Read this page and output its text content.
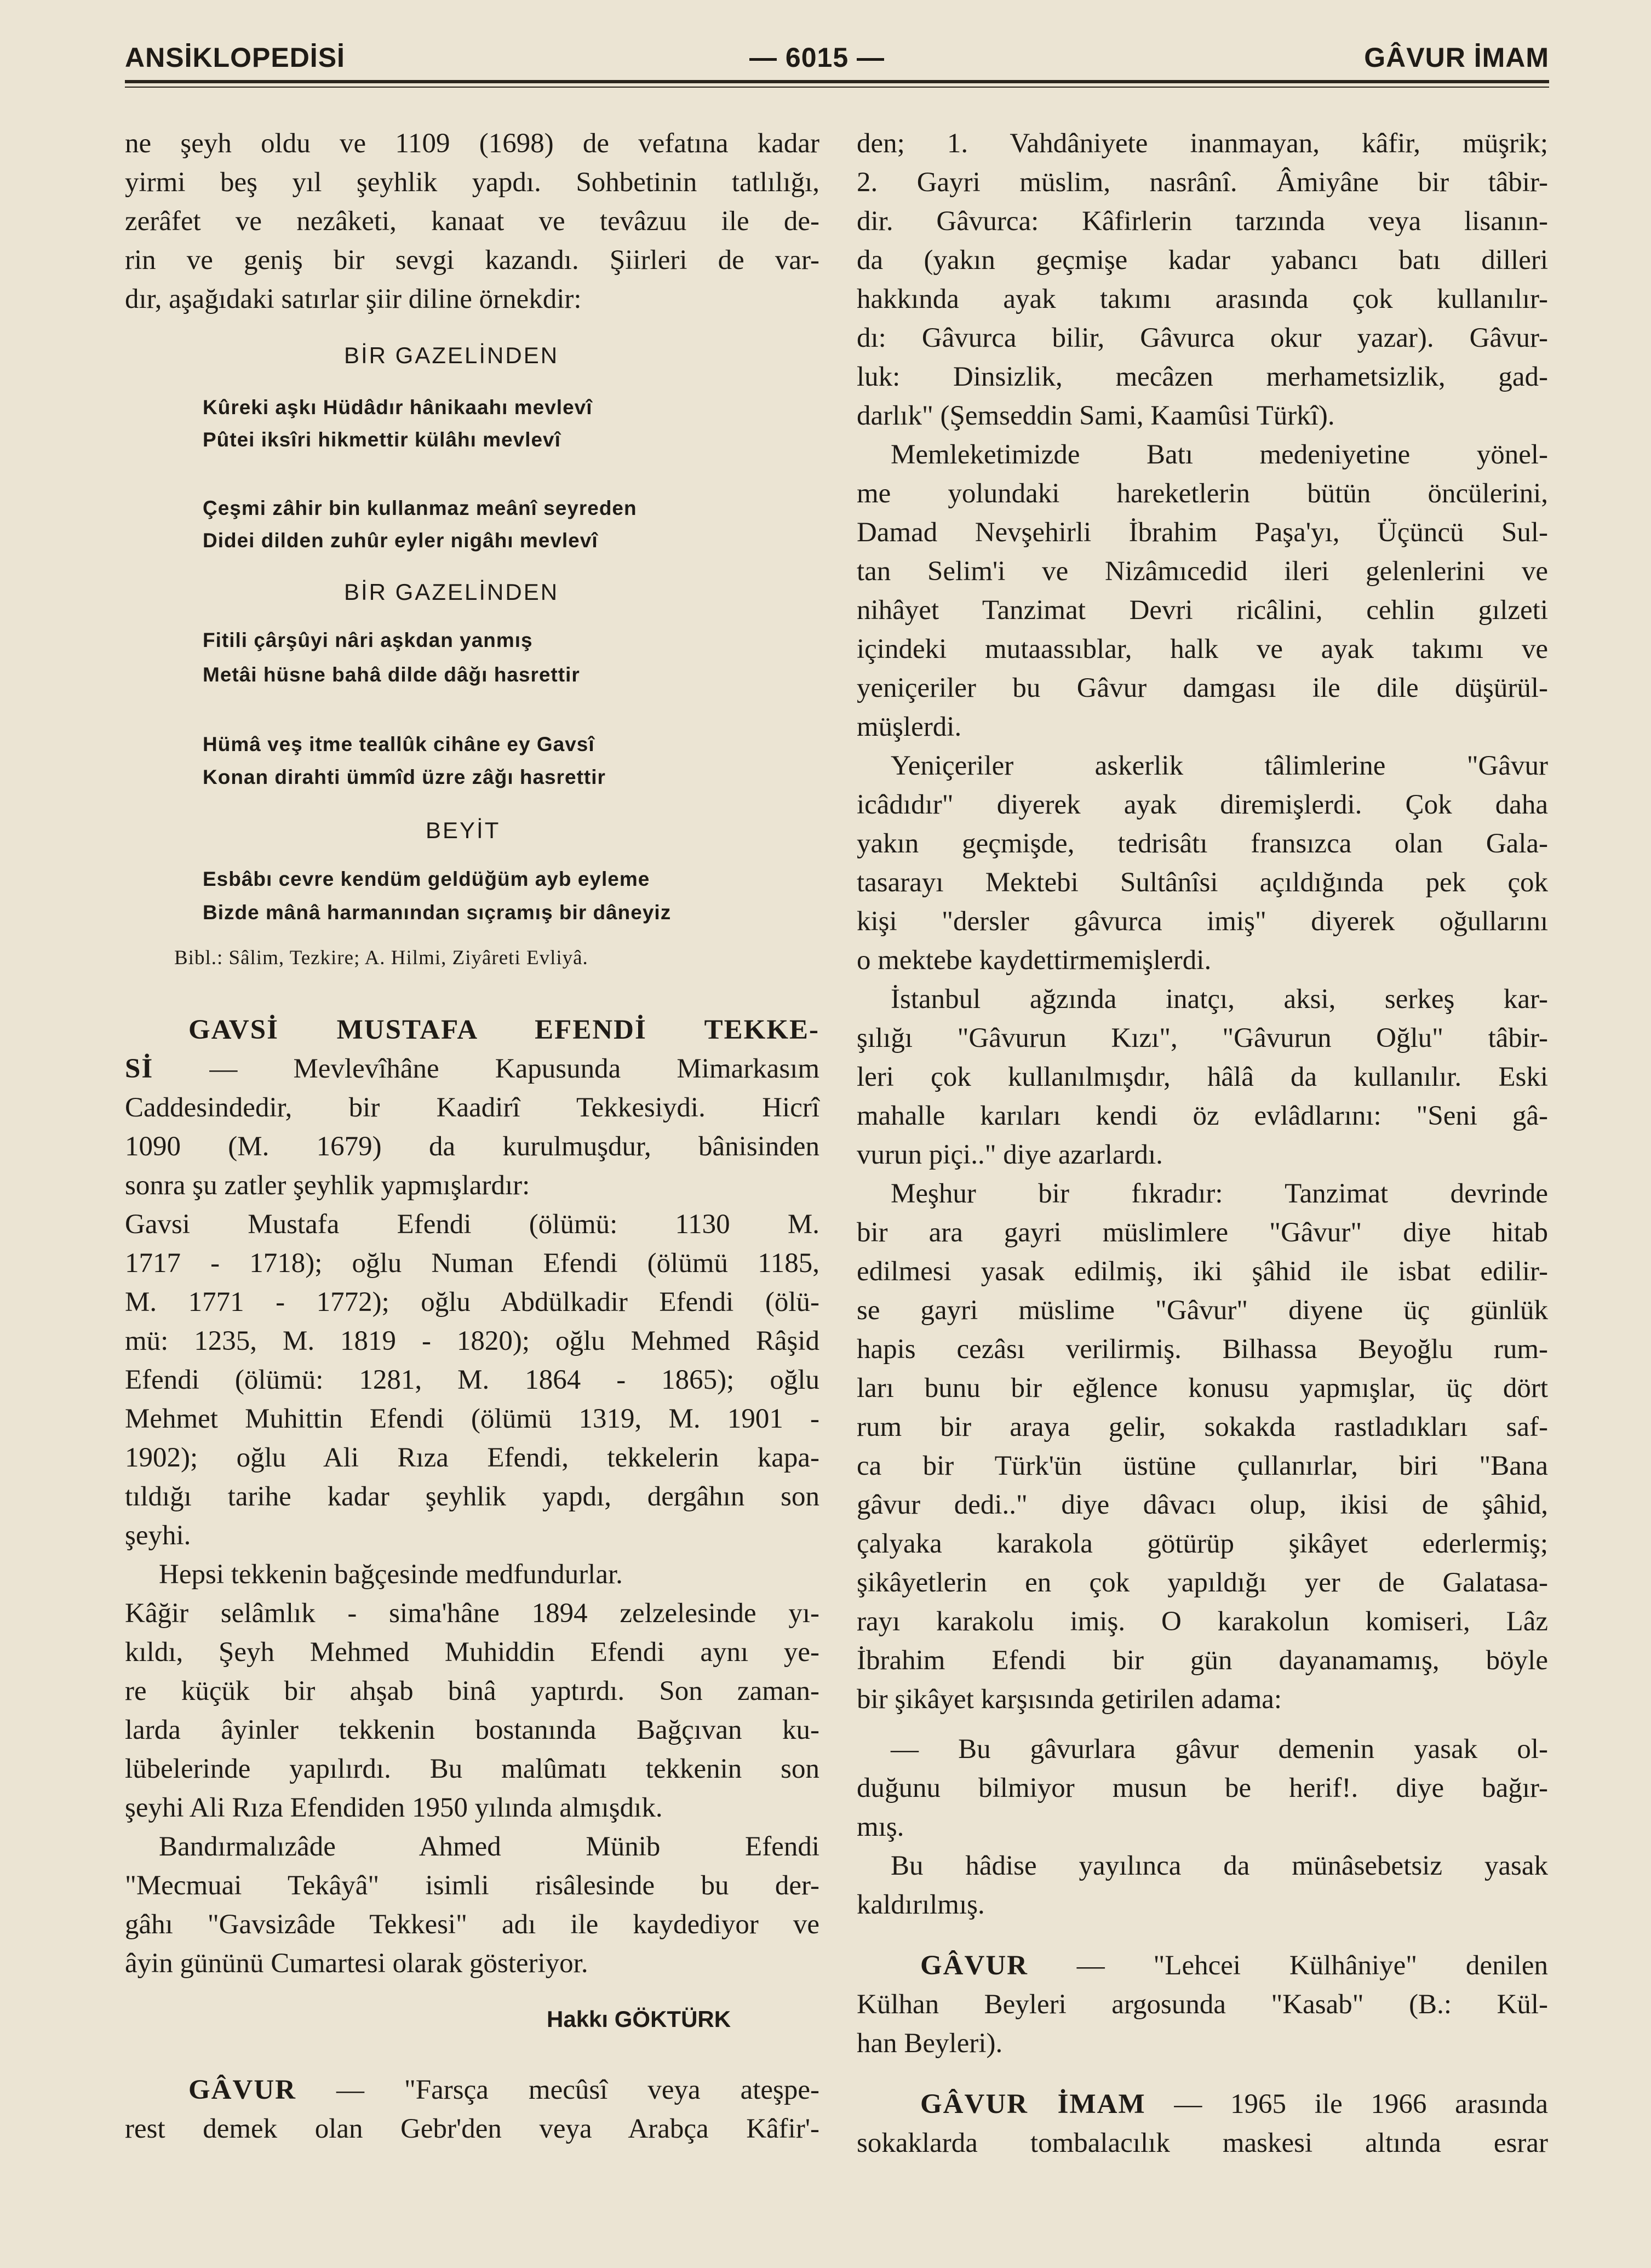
ANSİKLOPEDİSİ	— 6015 —	GÂVUR İMAM
ne şeyh oldu ve 1109 (1698) de vefatına kadar
yirmi beş yıl şeyhlik yapdı. Sohbetinin tatlılığı,
zerâfet ve nezâketi, kanaat ve tevâzuu ile de-
rin ve geniş bir sevgi kazandı. Şiirleri de var-
dır, aşağıdaki satırlar şiir diline örnekdir:
BİR GAZELİNDEN
Kûreki aşkı Hüdâdır hânikaahı mevlevî
Pûtei iksîri hikmettir külâhı mevlevî
Çeşmi zâhir bin kullanmaz meânî seyreden
Didei dilden zuhûr eyler nigâhı mevlevî
BİR GAZELİNDEN
Fitili çârşûyi nâri aşkdan yanmış
Metâi hüsne bahâ dilde dâğı hasrettir
Hümâ veş itme teallûk cihâne ey Gavsî
Konan dirahti ümmîd üzre zâğı hasrettir
BEYİT
Esbâbı cevre kendüm geldüğüm ayb eyleme
Bizde mânâ harmanından sıçramış bir dâneyiz
Bibl.: Sâlim, Tezkire; A. Hilmi, Ziyâreti Evliyâ.
GAVSİ MUSTAFA EFENDİ TEKKE-
Sİ — Mevlevîhâne Kapusunda Mimarkasım
Caddesindedir, bir Kaadirî Tekkesiydi. Hicrî
1090 (M. 1679) da kurulmuşdur, bânisinden
sonra şu zatler şeyhlik yapmışlardır:
Gavsi Mustafa Efendi (ölümü: 1130 M.
1717 - 1718); oğlu Numan Efendi (ölümü 1185,
M. 1771 - 1772); oğlu Abdülkadir Efendi (ölü-
mü: 1235, M. 1819 - 1820); oğlu Mehmed Râşid
Efendi (ölümü: 1281, M. 1864 - 1865); oğlu
Mehmet Muhittin Efendi (ölümü 1319, M. 1901 -
1902); oğlu Ali Rıza Efendi, tekkelerin kapa-
tıldığı tarihe kadar şeyhlik yapdı, dergâhın son
şeyhi.
Hepsi tekkenin bağçesinde medfundurlar.
Kâğir selâmlık - sima'hâne 1894 zelzelesinde yı-
kıldı, Şeyh Mehmed Muhiddin Efendi aynı ye-
re küçük bir ahşab binâ yaptırdı. Son zaman-
larda âyinler tekkenin bostanında Bağçıvan ku-
lübelerinde yapılırdı. Bu malûmatı tekkenin son
şeyhi Ali Rıza Efendiden 1950 yılında almışdık.
Bandırmalızâde Ahmed Münib Efendi
"Mecmuai Tekâyâ" isimli risâlesinde bu der-
gâhı "Gavsizâde Tekkesi" adı ile kaydediyor ve
âyin gününü Cumartesi olarak gösteriyor.
Hakkı GÖKTÜRK
GÂVUR — "Farsça mecûsî veya ateşpe-
rest demek olan Gebr'den veya Arabça Kâfir'-
den; 1. Vahdâniyete inanmayan, kâfir, müşrik;
2. Gayri müslim, nasrânî. Âmiyâne bir tâbir-
dir. Gâvurca: Kâfirlerin tarzında veya lisanın-
da (yakın geçmişe kadar yabancı batı dilleri
hakkında ayak takımı arasında çok kullanılır-
dı: Gâvurca bilir, Gâvurca okur yazar). Gâvur-
luk: Dinsizlik, mecâzen merhametsizlik, gad-
darlık" (Şemseddin Sami, Kaamûsi Türkî).
Memleketimizde Batı medeniyetine yönel-
me yolundaki hareketlerin bütün öncülerini,
Damad Nevşehirli İbrahim Paşa'yı, Üçüncü Sul-
tan Selim'i ve Nizâmıcedid ileri gelenlerini ve
nihâyet Tanzimat Devri ricâlini, cehlin gılzeti
içindeki mutaassıblar, halk ve ayak takımı ve
yeniçeriler bu Gâvur damgası ile dile düşürül-
müşlerdi.
Yeniçeriler askerlik tâlimlerine "Gâvur
icâdıdır" diyerek ayak diremişlerdi. Çok daha
yakın geçmişde, tedrisâtı fransızca olan Gala-
tasarayı Mektebi Sultânîsi açıldığında pek çok
kişi "dersler gâvurca imiş" diyerek oğullarını
o mektebe kaydettirmemişlerdi.
İstanbul ağzında inatçı, aksi, serkeş kar-
şılığı "Gâvurun Kızı", "Gâvurun Oğlu" tâbir-
leri çok kullanılmışdır, hâlâ da kullanılır. Eski
mahalle karıları kendi öz evlâdlarını: "Seni gâ-
vurun piçi.." diye azarlardı.
Meşhur bir fıkradır: Tanzimat devrinde
bir ara gayri müslimlere "Gâvur" diye hitab
edilmesi yasak edilmiş, iki şâhid ile isbat edilir-
se gayri müslime "Gâvur" diyene üç günlük
hapis cezâsı verilirmiş. Bilhassa Beyoğlu rum-
ları bunu bir eğlence konusu yapmışlar, üç dört
rum bir araya gelir, sokakda rastladıkları saf-
ca bir Türk'ün üstüne çullanırlar, biri "Bana
gâvur dedi.." diye dâvacı olup, ikisi de şâhid,
çalyaka karakola götürüp şikâyet ederlermiş;
şikâyetlerin en çok yapıldığı yer de Galatasa-
rayı karakolu imiş. O karakolun komiseri, Lâz
İbrahim Efendi bir gün dayanamamış, böyle
bir şikâyet karşısında getirilen adama:
— Bu gâvurlara gâvur demenin yasak ol-
duğunu bilmiyor musun be herif!. diye bağır-
mış.
Bu hâdise yayılınca da münâsebetsiz yasak
kaldırılmış.
GÂVUR — "Lehcei Külhâniye" denilen
Külhan Beyleri argosunda "Kasab" (B.: Kül-
han Beyleri).
GÂVUR İMAM — 1965 ile 1966 arasında
sokaklarda tombalacılık maskesi altında esrar
